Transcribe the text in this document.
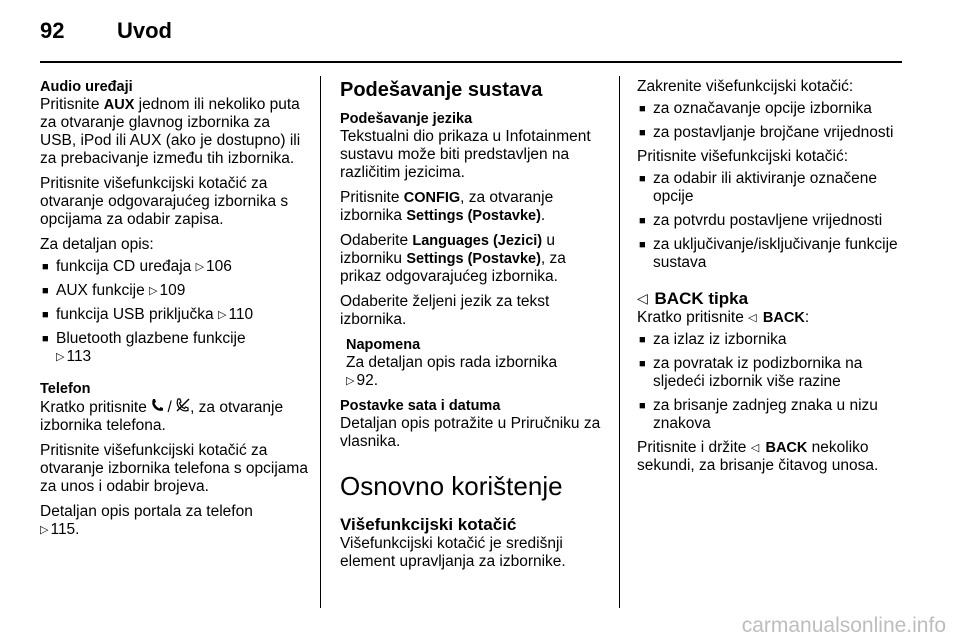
92 Uvod
Audio uređaji

Pritisnite AUX jednom ili nekoliko puta za otvaranje glavnog izbornika za USB, iPod ili AUX (ako je dostupno) ili za prebacivanje između tih izbornika.

Pritisnite višefunkcijski kotačić za otvaranje odgovarajućeg izbornika s opcijama za odabir zapisa.

Za detaljan opis:

■ funkcija CD uređaja ▷ 106
■ AUX funkcije ▷ 109
■ funkcija USB priključka ▷ 110
■ Bluetooth glazbene funkcije
▷ 113
Telefon

Kratko pritisnite  / , za otvaranje izbornika telefona.

Pritisnite višefunkcijski kotačić za otvaranje izbornika telefona s opcijama za unos i odabir brojeva.

Detaljan opis portala za telefon
▷ 115.

Podešavanje sustava
Podešavanje jezika

Tekstualni dio prikaza u Infotainment sustavu može biti predstavljen na različitim jezicima.

Pritisnite CONFIG, za otvaranje izbornika Settings (Postavke).

Odaberite Languages (Jezici) u izborniku Settings (Postavke), za prikaz odgovarajućeg izbornika.

Odaberite željeni jezik za tekst izbornika.

Napomena
Za detaljan opis rada izbornika
▷ 92.
Postavke sata i datuma

Detaljan opis potražite u Priručniku za vlasnika.

Osnovno korištenje
Višefunkcijski kotačić

Višefunkcijski kotačić je središnji element upravljanja za izbornike.

Zakrenite višefunkcijski kotačić:

■ za označavanje opcije izbornika
■ za postavljanje brojčane vrijednosti

Pritisnite višefunkcijski kotačić:

■ za odabir ili aktiviranje označene opcije
■ za potvrdu postavljene vrijednosti
■ za uključivanje/isključivanje funkcije sustava
◁ BACK tipka

Kratko pritisnite ◁ BACK:

■ za izlaz iz izbornika
■ za povratak iz podizbornika na sljedeći izbornik više razine
■ za brisanje zadnjeg znaka u nizu znakova

Pritisnite i držite ◁ BACK nekoliko sekundi, za brisanje čitavog unosa.

carmanualsonline.info
